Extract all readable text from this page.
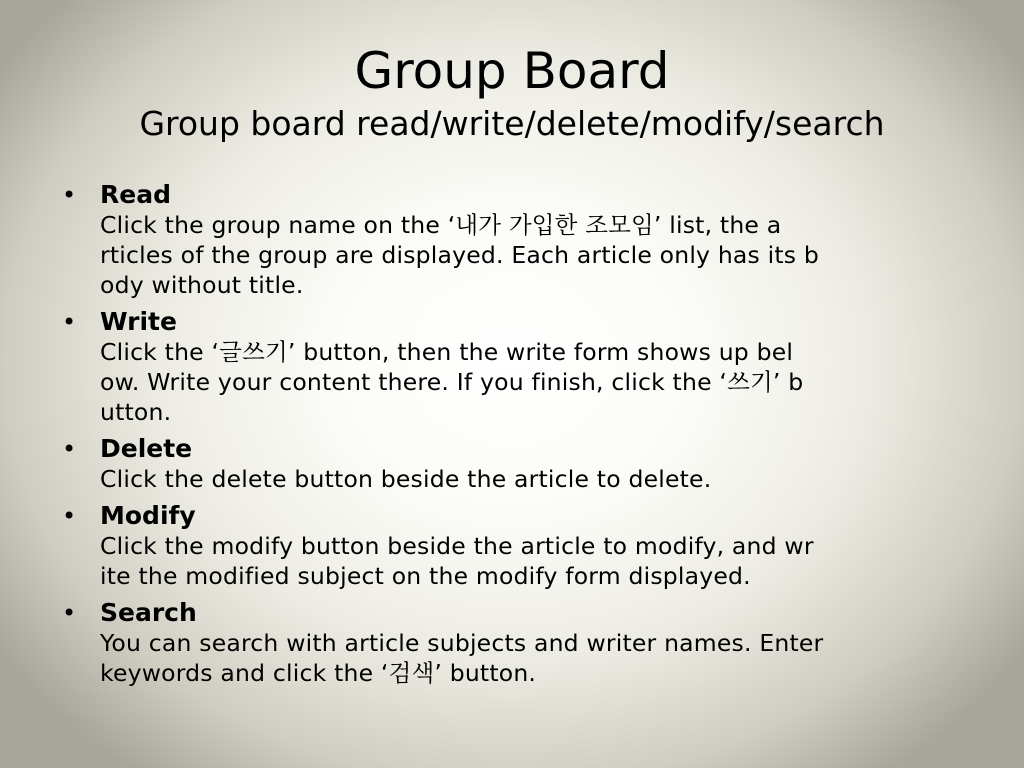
Group Board
Group board read/write/delete/modify/search
• Read
Click the group name on the ‘내가 가입한 조모임’ list, the a
rticles of the group are displayed. Each article only has its b
ody without title.
• Write
Click the ‘글쓰기’ button, then the write form shows up bel
ow. Write your content there. If you finish, click the ‘쓰기’ b
utton.
• Delete
Click the delete button beside the article to delete.
• Modify
Click the modify button beside the article to modify, and wr
ite the modified subject on the modify form displayed.
• Search
You can search with article subjects and writer names. Enter
keywords and click the ‘검색’ button.
